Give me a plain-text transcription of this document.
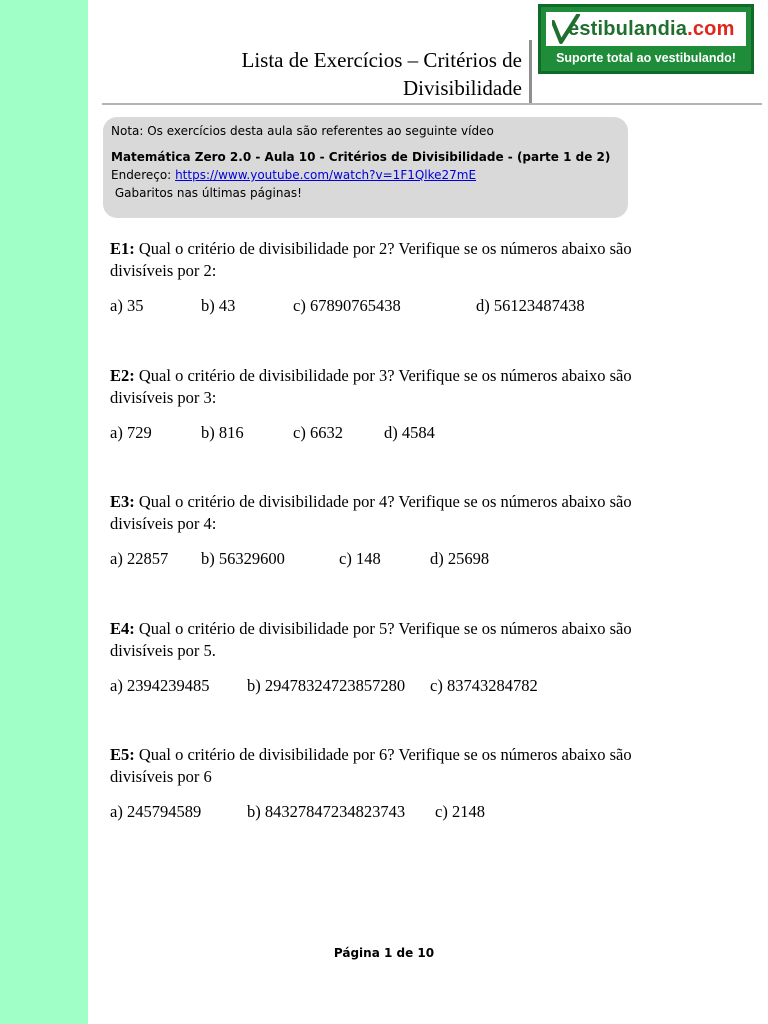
Lista de Exercícios – Critérios de
Divisibilidade
estibulandia.com
Suporte total ao vestibulando!

Nota: Os exercícios desta aula são referentes ao seguinte vídeo

Matemática Zero 2.0 - Aula 10 - Critérios de Divisibilidade - (parte 1 de 2)

Endereço: https://www.youtube.com/watch?v=1F1Qlke27mE

Gabaritos nas últimas páginas!

E1: Qual o critério de divisibilidade por 2? Verifique se os números abaixo são divisíveis por 2:
a) 35	b) 43	c) 67890765438	d) 56123487438
E2: Qual o critério de divisibilidade por 3? Verifique se os números abaixo são divisíveis por 3:
a) 729	b) 816	c) 6632 d) 4584
E3: Qual o critério de divisibilidade por 4? Verifique se os números abaixo são divisíveis por 4:
a) 22857 b) 56329600	c) 148	d) 25698
E4: Qual o critério de divisibilidade por 5? Verifique se os números abaixo são divisíveis por 5.
a) 2394239485 b) 29478324723857280 c) 83743284782
E5: Qual o critério de divisibilidade por 6? Verifique se os números abaixo são divisíveis por 6
a) 245794589	b) 84327847234823743 c) 2148
Página 1 de 10
